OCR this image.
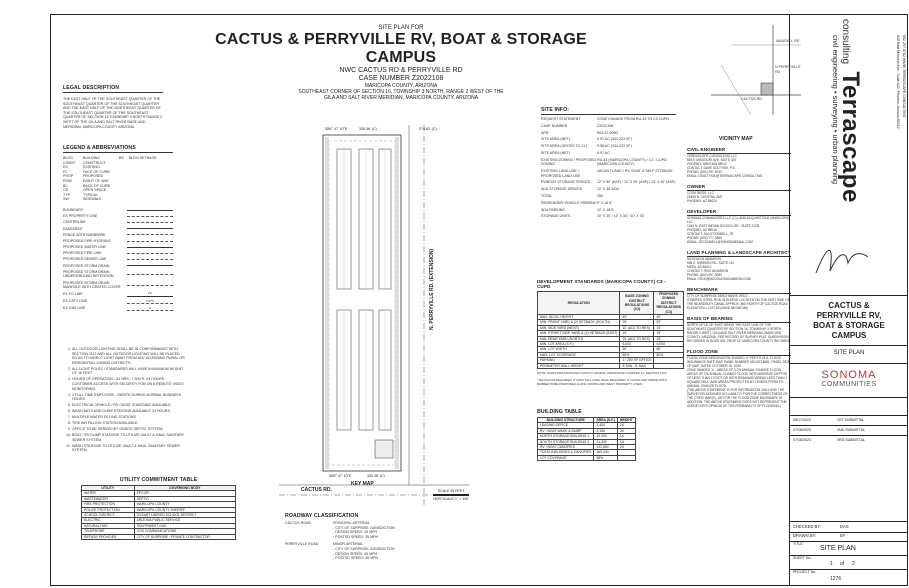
SITE PLAN FOR
CACTUS & PERRYVILLE RV, BOAT & STORAGE CAMPUS
NWC CACTUS RD & PERRYVILLE RD
CASE NUMBER Z2022108
MARICOPA COUNTY, ARIZONA
SOUTHEAST CORNER OF SECTION 16, TOWNSHIP 3 NORTH, RANGE 2 WEST OF THE
GILA AND SALT RIVER MERIDIAN, MARICOPA COUNTY, ARIZONA
LEGAL DESCRIPTION
THE EAST HALF OF THE SOUTHEAST QUARTER OF THE SOUTHEAST QUARTER OF THE SOUTHEAST QUARTER AND THE EAST HALF OF THE NORTHEAST QUARTER OF THE SOUTHEAST QUARTER OF THE SOUTHEAST QUARTER OF SECTION 16 TOWNSHIP 3 NORTH RANGE 2 WEST OF THE GILA AND SALT RIVER BASE AND MERIDIAN, MARICOPA COUNTY ARIZONA
LEGEND & ABBREVIATIONS
BLDG	BUILDING	BS	BLDG SETBACK
CONST	CONSTRUCT
EX	EXISTING
FC	FACE OF CURB
PROP	PROPOSED
ROW	RIGHT OF WAY
BC	BACK OF CURB
OS	OPEN SPACE
TYP	TYPICAL
SW	SIDEWALK
BOUNDARY
EX PROPERTY LINE
CENTERLINE
EASEMENT
FENCE WITH BARBWIRE
PROPOSED FIRE HYDRANT
PROPOSED WATER LINE
PROPOSED FIRE LINE
PROPOSED SEWER LINE
PROPOSED STORM DRAIN
PROPOSED STORM DRAIN UNDERGROUND RETENTION
PROPOSED STORM DRAIN MANHOLE WITH GRATED COVER
EX FO LINE	FO
EX CATV LINE	CATV
EX GAS LINE	G
1. ALL OUTDOOR LIGHTING SHALL BE IN CONFORMANCE WITH SECTION 1112 AND ALL OUTDOOR LIGHTING WILL BE PLACED SO AS TO DIRECT LIGHT AWAY FROM ANY ADJOINING RURAL OR RESIDENTIAL ZONING DISTRICTS.
2. ALL LIGHT POLES / STANDARDS WILL HAVE A MAXIMUM HEIGHT OF 16 FEET.
3. HOURS OF OPERATION - 24 HRS / 7 DAYS, 24 HOURS CUSTOMER ACCESS WITH SECURITY FOB ON A REMOTE VIDEO MONITORING.
4. 1 FULL TIME EMPLOYEE - ONSITE DURING NORMAL BUSINESS HOURS.
5. ELECTRICAL VEHICLE / RV / BOAT CHARGING AVAILABLE.
6. WASH BAYS AND DUMP STATIONS AVAILABLE 24 HOURS.
7. MULTIPLE WATER FILLING STATIONS.
8. TIRE AIR FILLING STATION AVAILABLE.
9. OFFICE TO BE SERVED BY ONSITE SEPTIC SYSTEM.
10. BOAT / RV DUMP STATIONS TO UTILIZE VAULT & HAUL SANITARY SEWER SYSTEM.
11. WASH STATIONS TO UTILIZE VAULT & HAUL SANITARY SEWER SYSTEM.
UTILITY COMMITMENT TABLE
UTILITY	GOVERNING BODY
WATER	EPCOR
WASTEWATER	SEPTIC
FIRE PROTECTION	MARICOPA COUNTY
POLICE PROTECTION	MARICOPA COUNTY SHERIFF
SCHOOL DISTRICT	DYSART UNIFIED SCHOOL DISTRICT
ELECTRIC	ARIZONA PUBLIC SERVICE
NATURAL GAS	SOUTHWEST GAS
TELEPHONE	COX COMMUNICATIONS
REFUSE PROVIDER	CITY OF SURPRISE / PRIVATE CONTRACTOR
S89° 47' 10"E	330.36' (C)	274.83' (C)
S89° 47' 10"E	330.36' (C)
N. PERRYVILLE RD. (EXTENSION)
CACTUS RD.
KEY MAP
SCALE IN FEET
HOR SCALE 1" = 100'
ROADWAY CLASSIFICATION
CACTUS ROAD	PRINCIPAL ARTERIAL
- CITY OF SURPRISE JURISDICTION
- DESIGN SPEED: 45 MPH
- POSTED SPEED: 35 MPH
PERRYVILLE ROAD	MINOR ARTERIAL
- CITY OF SURPRISE JURISDICTION
- DESIGN SPEED: 45 MPH
- POSTED SPEED: 35 MPH
SITE INFO:
REQUEST STATEMENT	ZONE CHANGE FROM RU-43 TO C3 CUPD
CASE NUMBER	Z2022108
APN	502-37-009G
SITE AREA (NET)	9.97 AC (434,223 SF)
SITE AREA (GROSS TO CL)	9.98 AC (434,223 SF)
SITE AREA (NET)	9.97 AC
EXISTING ZONING / PROPOSED ZONING
RU-43 (MARICOPA COUNTY) / C3 - CUPD (MARICOPA COUNTY)
EXISTING LAND USE / PROPOSED LAND USE
VACANT LAND / RV, BOAT & SELF STORAGE
RV/BOAT STORAGE SPACES	12' X 50' (ASF) / 12' X 35' (ASF) / 12' X 45' (ASF)
ADA STORAGE SPACES	12' X 35' ADA
TOTAL	250
PASSENGER VEHICLE PARKING 9' X 18.5'
ADA PARKING	12' X 18.5'
STORAGE UNITS	10' X 30' / 10' X 30' / 10' X 30'
DEVELOPMENT STANDARDS (MARICOPA COUNTY) C3 - CUPD
REGULATION	BASE ZONING DISTRICT REGULATIONS (C3)	PROPOSED ZONING DISTRICT REGULATIONS (C3)
MAX. BLDG. HEIGHT	40'	40'
MIN. FRONT YARD & (2) SETBACK (SOUTH)	20'	52'
MIN. SIDE YARD (WEST)	10' (ADJ TO RES)	10'
MIN. STREET SIDE YARD & (2) SETBACK (EAST)	10'	33'
MIN. REAR YARD (NORTH)	25' (ADJ TO RES)	25'
MIN. LOT AREA (S.F.)	6,000	6,000
MIN. LOT WIDTH	60'	60'
MAX. LOT COVERAGE	50%	50%
PARKING	1 / 250 SF OFFICE	
PERIMETER WALL HEIGHT	8' MIN - 8' MAX	
NOTE: SIGNS PER MARICOPA COUNTY ZONING ORDINANCE CHAPTER 14, SECTION 1403
* DEVIATION REQUIRED, 6' (MAX TALL) CMU WALL REQUIRED, 8' CHAIN LINK FENCE WITH BARBED WIRE PROPOSED ALONG NORTH AND WEST PROPERTY LINES.
BUILDING TABLE
BUILDING STRUCTURE	AREA (S.F.)	HEIGHT
LEASING OFFICE	2,400	16'
RV / BOAT WASH & DUMP	3,150	24'
NORTH STORAGE BUILDING 1	15,300	14'
SOUTH STORAGE BUILDING 2	21,300	14'
RV / BOAT CANOPIES	122,894	24'
TOTAL BUILDINGS & CANOPIES	165,344	
LOT COVERAGE	38%	
WADDELL RD
CACTUS RD
N PERRYVILLE RD
VICINITY MAP
CIVIL ENGINEER
TERRASCAPE CONSULTING LLC
645 E MISSOURI AVE, SUITE 420
PHOENIX, ARIZONA 85012
CONTACT: DAVE SOLTYSIK, P.E.
PHONE: (602) 297-8732
EMAIL: DSOLTYSIK@TERRASCAPE.CONSULTING
OWNER
COOK BROS. LLC
21855 N. CENTRAL AVE
PHOENIX, AZ 85024
DEVELOPER
SONOMA COMMUNITIES LLC (C) LAND ACQUISITIONS (MARICOPA) LLC
1440 N. EAST INDIAN SCHOOL RD., SUITE 212B
PHOENIX, AZ 85016
CONTACT: JIM O'CONNELL, JR.
PHONE: (602) 777-0500
EMAIL: JOCONNELL@SONOMAEMAIL.COM
LAND PLANNING & LANDSCAPE ARCHITECT
MCGOUGH ADAMSON
535 E. MISSION RD., SUITE 110
MESA, AZ 85210
CONTACT: RICK ADAMSON
PHONE: (602) 997-9093
EMAIL: RICK@MCGOUGHADAMSON.COM
BENCHMARK
CITY OF SURPRISE BENCHMARK WS12
STAMPED STEEL ROD IN SLEEVE LOCATED ON THE EAST SIDE OF THE BEARDSLEY CANAL APPROX. 360' NORTH OF CACTUS ROAD
ELEVATION = 1227.63 (NAVD 88 DATUM)
BASIS OF BEARING
NORTH 00°16' 25" EAST, BEING THE EAST LINE OF THE SOUTHEAST QUARTER OF SECTION 16, TOWNSHIP 3 NORTH, RANGE 2 WEST, GILA AND SALT RIVER MERIDIAN, MARICOPA COUNTY, ARIZONA, PER RECORD OF SURVEY PLAT, SUBDIVISION RECORDED IN BOOK 601, PAGE 19, MARICOPA COUNTY RECORDS.
FLOOD ZONE
FLOOD ZONE DESIGNATION SHADED 'X' PER F.E.M.A. FLOOD INSURANCE RATE MAP, PANEL NUMBER 04013C1665L, PANEL SIDE OF MAP, DATED OCTOBER 16, 2013.
ZONE SHADED 'X' - AREAS OF 0.2% ANNUAL CHANCE FLOOD; AREAS OF 1% ANNUAL CHANCE FLOOD WITH AVERAGE DEPTHS OF LESS THAN 1 FOOT OR WITH DRAINAGE AREAS LESS THAN 1 SQUARE MILE; AND AREAS PROTECTED BY LEVEES FROM 1% ANNUAL CHANCE FLOOD.
(THE ABOVE STATEMENT IS FOR INFORMATION ONLY AND THE SURVEYOR ASSUMES NO LIABILITY FOR THE CORRECTNESS OF THE CITED MAP(S), OR FOR THE FLOOD ZONE BOUNDARY. IN ADDITION, THE ABOVE STATEMENT DOES NOT REPRESENT THE SURVEYOR'S OPINION OF THE PROBABILITY OF FLOODING.)
consulting Terrascape
civil engineering • surveying • urban planning	645 East Missouri Ave., Suite 420, Phoenix, Arizona 85012 602.297.8732 WWW.TERRASCAPE.CONSULTING
CACTUS &
PERRYVILLE RV,
BOAT & STORAGE
CAMPUS
SITE PLAN
SONOMA
COMMUNITIES
08/17/2022	1ST SUBMITTAL
07/18/2023	2ND SUBMITTAL
07/18/2023	3RD SUBMITTAL
CHECKED BY:	DAS
DRAWN BY:	EF
TITLE:
SITE PLAN
SHEET No.
1 of 2
PROJECT No.
1276
